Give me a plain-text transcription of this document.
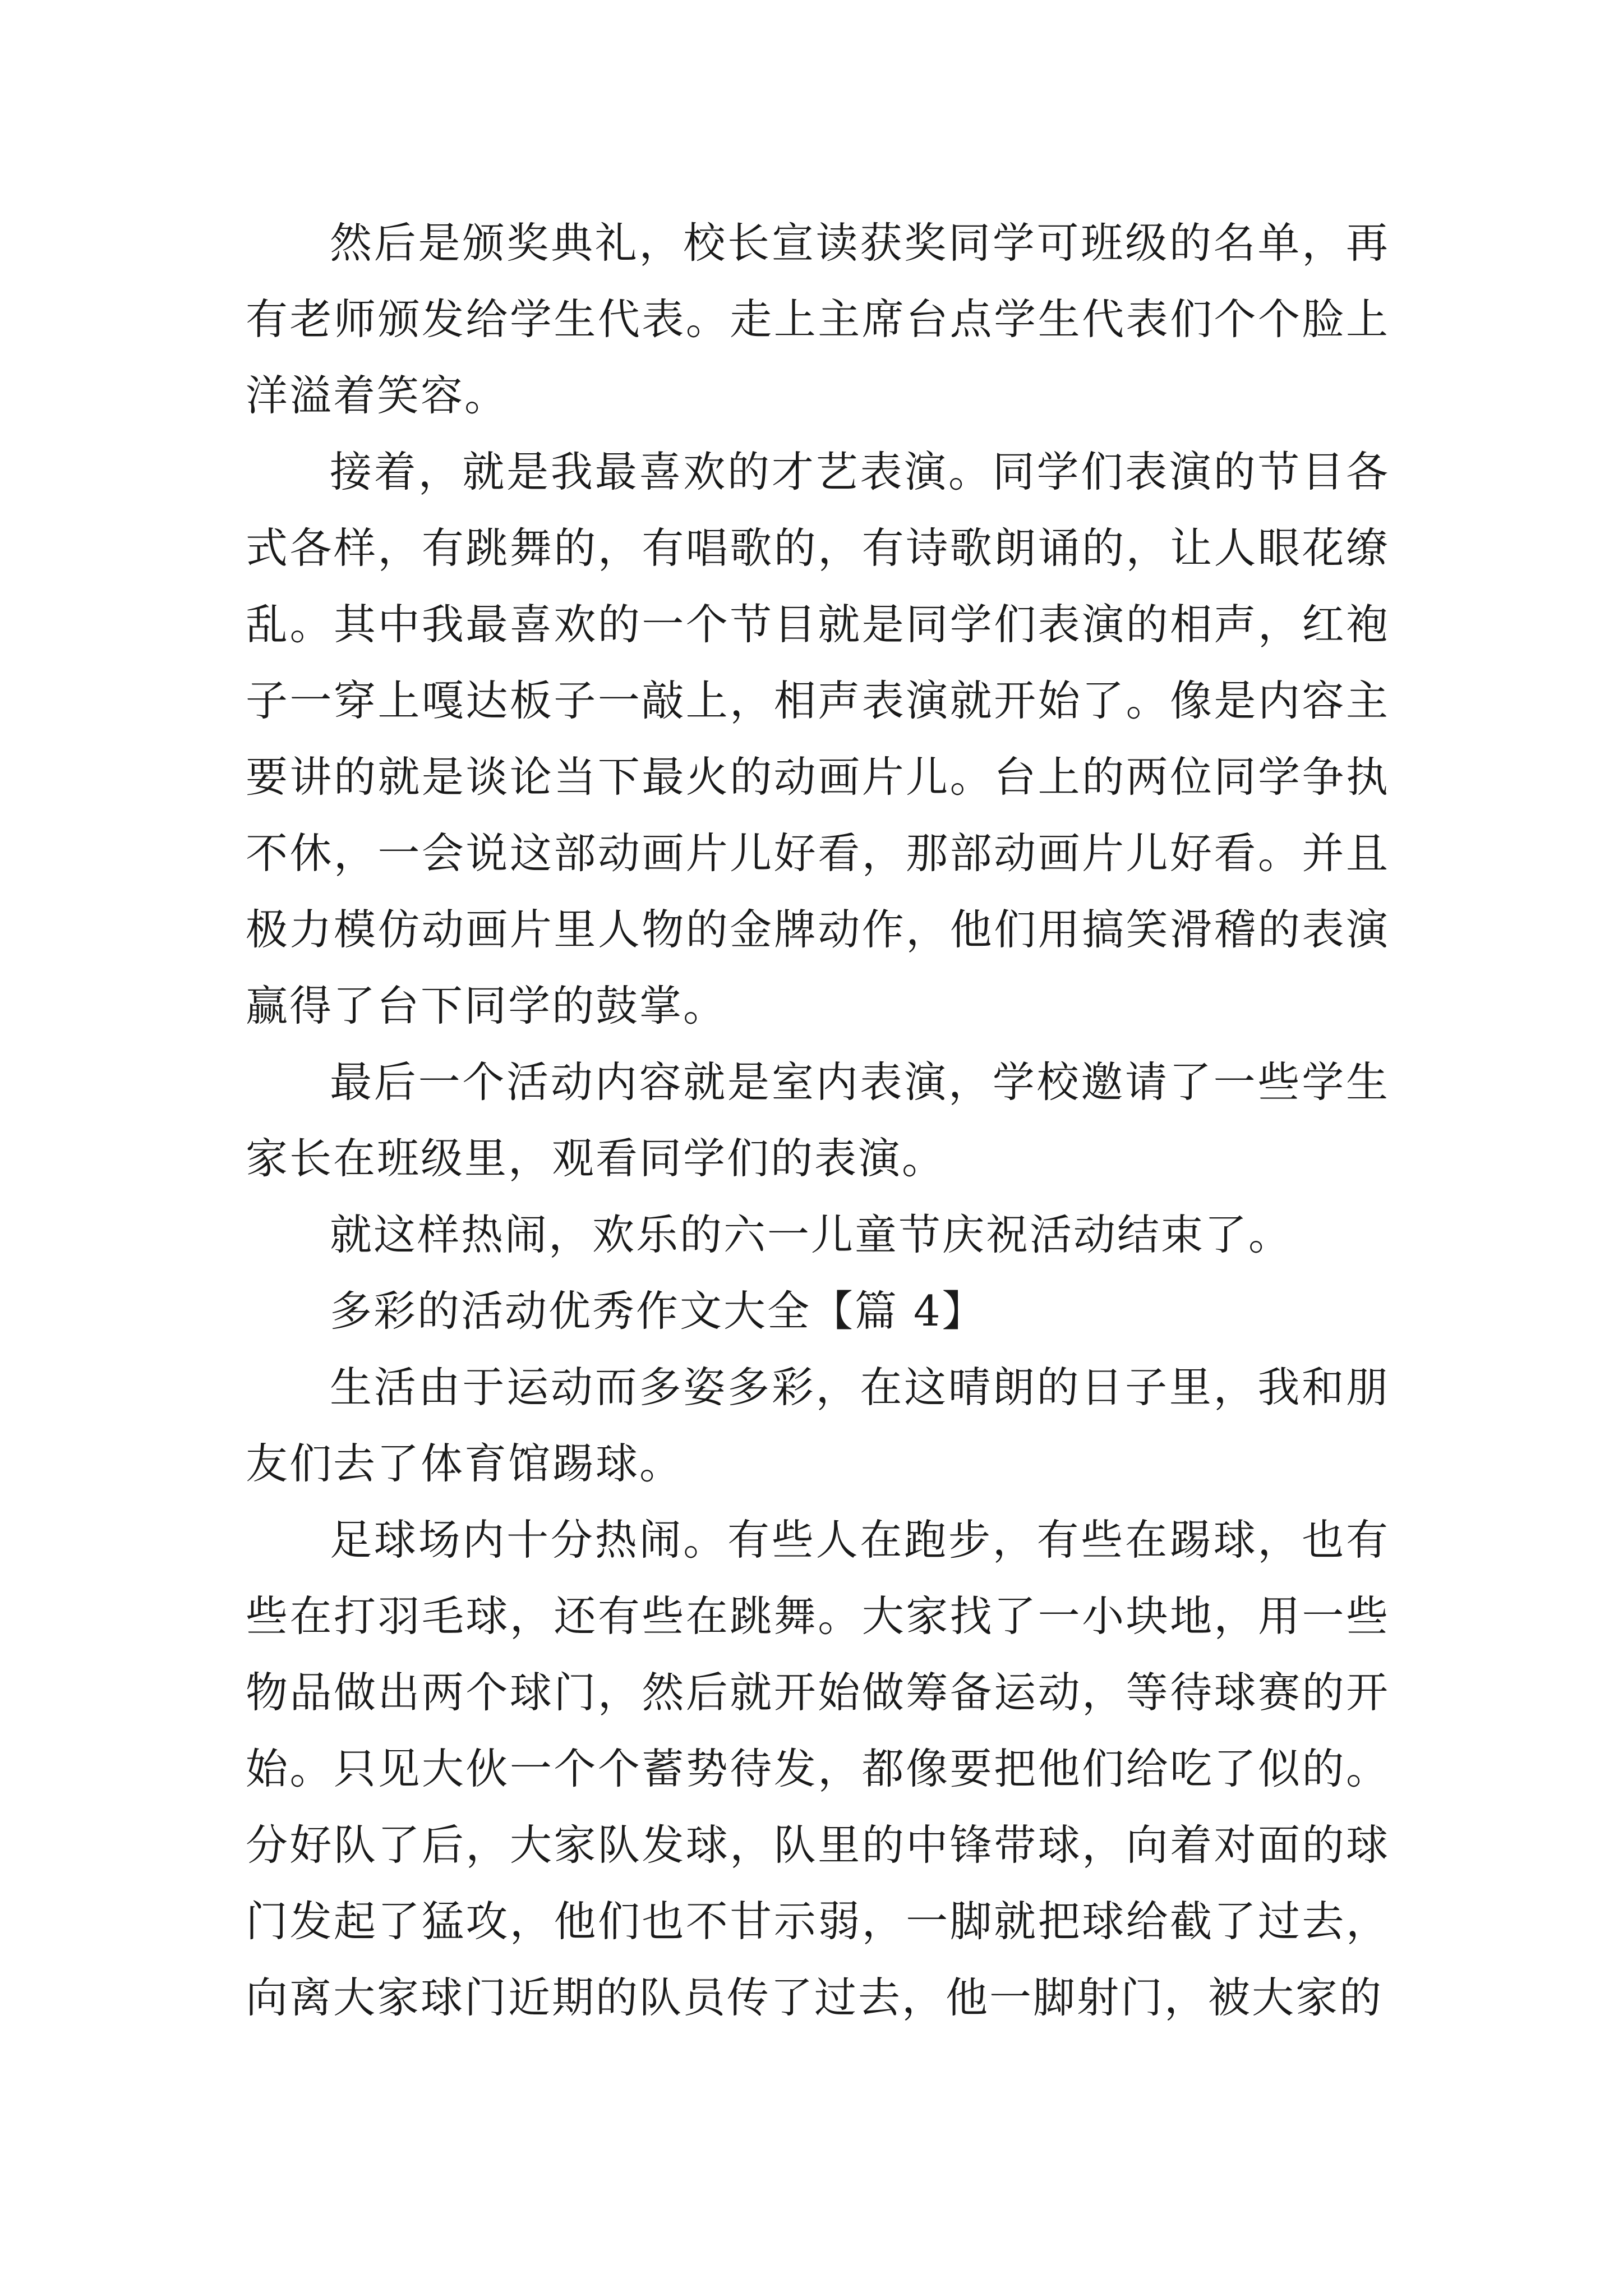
然后是颁奖典礼，校长宣读获奖同学可班级的名单，再有老师颁发给学生代表。走上主席台点学生代表们个个脸上洋溢着笑容。

接着，就是我最喜欢的才艺表演。同学们表演的节目各式各样，有跳舞的，有唱歌的，有诗歌朗诵的，让人眼花缭乱。其中我最喜欢的一个节目就是同学们表演的相声，红袍子一穿上嘎达板子一敲上，相声表演就开始了。像是内容主要讲的就是谈论当下最火的动画片儿。台上的两位同学争执不休，一会说这部动画片儿好看，那部动画片儿好看。并且极力模仿动画片里人物的金牌动作，他们用搞笑滑稽的表演赢得了台下同学的鼓掌。

最后一个活动内容就是室内表演，学校邀请了一些学生家长在班级里，观看同学们的表演。

就这样热闹，欢乐的六一儿童节庆祝活动结束了。

多彩的活动优秀作文大全【篇 4】

生活由于运动而多姿多彩，在这晴朗的日子里，我和朋友们去了体育馆踢球。

足球场内十分热闹。有些人在跑步，有些在踢球，也有些在打羽毛球，还有些在跳舞。大家找了一小块地，用一些物品做出两个球门，然后就开始做筹备运动，等待球赛的开始。只见大伙一个个蓄势待发，都像要把他们给吃了似的。分好队了后，大家队发球，队里的中锋带球，向着对面的球门发起了猛攻，他们也不甘示弱，一脚就把球给截了过去，向离大家球门近期的队员传了过去，他一脚射门，被大家的
